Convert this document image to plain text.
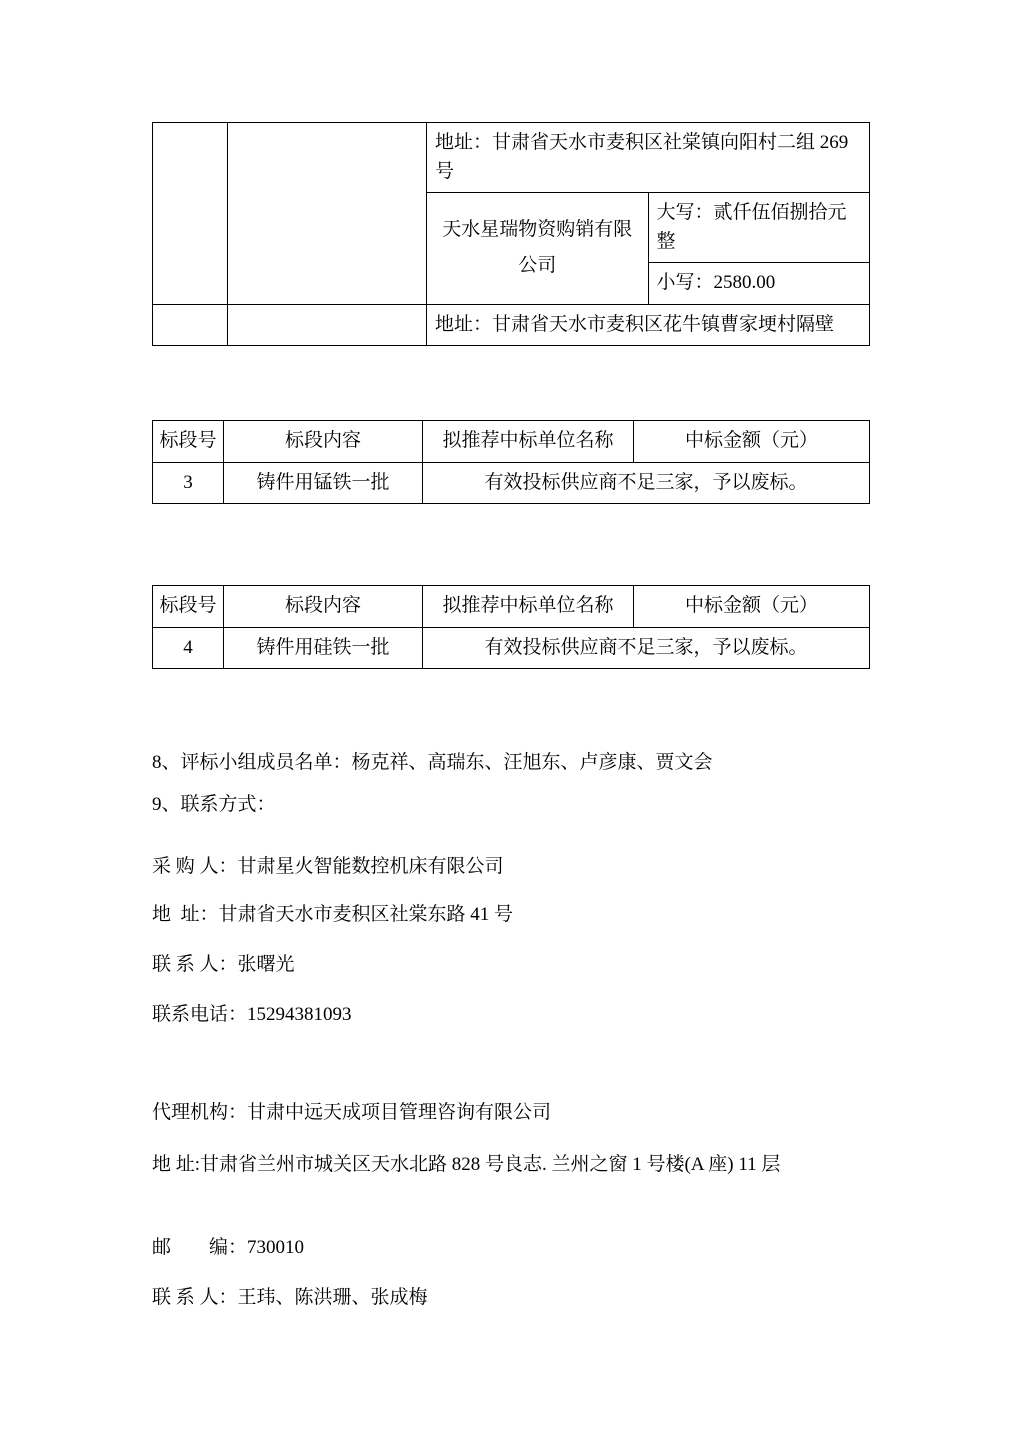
		地址：甘肃省天水市麦积区社棠镇向阳村二组 269 号	
		天水星瑞物资购销有限公司	大写：贰仟伍佰捌拾元整
			小写：2580.00
		地址：甘肃省天水市麦积区花牛镇曹家埂村隔壁	
标段号	标段内容	拟推荐中标单位名称	中标金额（元）
3	铸件用锰铁一批	有效投标供应商不足三家，予以废标。	
标段号	标段内容	拟推荐中标单位名称	中标金额（元）
4	铸件用硅铁一批	有效投标供应商不足三家，予以废标。	
8、评标小组成员名单：杨克祥、高瑞东、汪旭东、卢彦康、贾文会
9、联系方式：
采 购 人：甘肃星火智能数控机床有限公司
地  址：甘肃省天水市麦积区社棠东路 41 号
联 系 人：张曙光
联系电话：15294381093
代理机构：甘肃中远天成项目管理咨询有限公司
地 址:甘肃省兰州市城关区天水北路 828 号良志. 兰州之窗 1 号楼(A 座) 11 层
邮        编：730010
联 系 人：王玮、陈洪珊、张成梅
